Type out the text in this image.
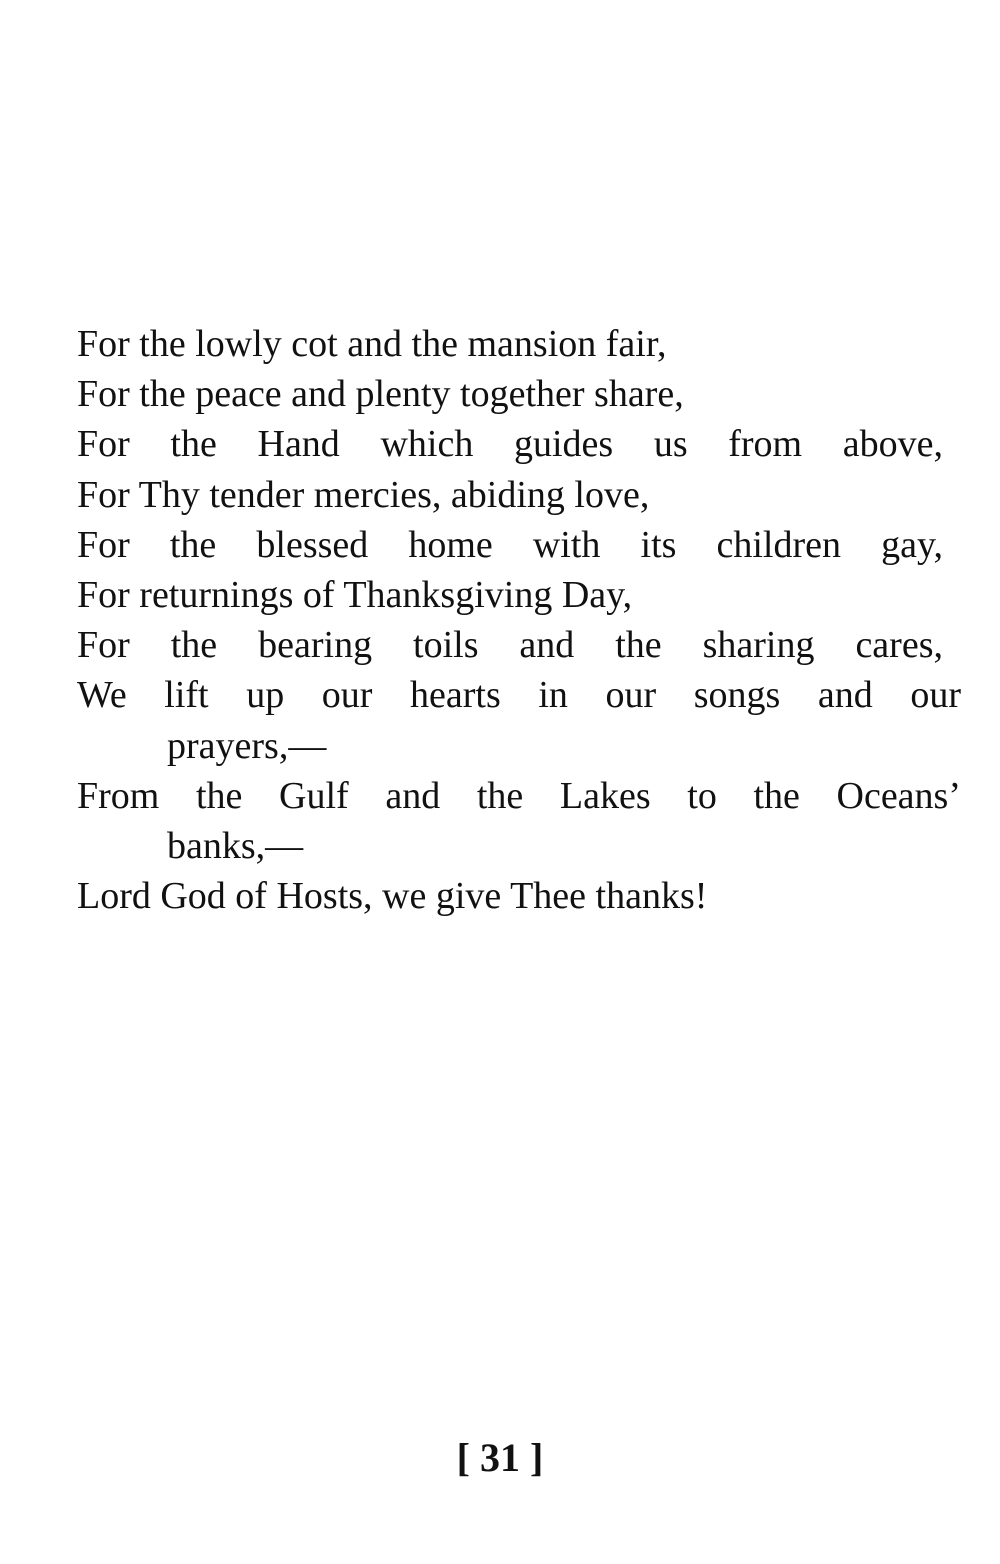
For the lowly cot and the mansion fair,
For the peace and plenty together share,
For the Hand which guides us from above,
For Thy tender mercies, abiding love,
For the blessed home with its children gay,
For returnings of Thanksgiving Day,
For the bearing toils and the sharing cares,
We lift up our hearts in our songs and our
prayers,—
From the Gulf and the Lakes to the Oceans’
banks,—
Lord God of Hosts, we give Thee thanks!
[ 31 ]
